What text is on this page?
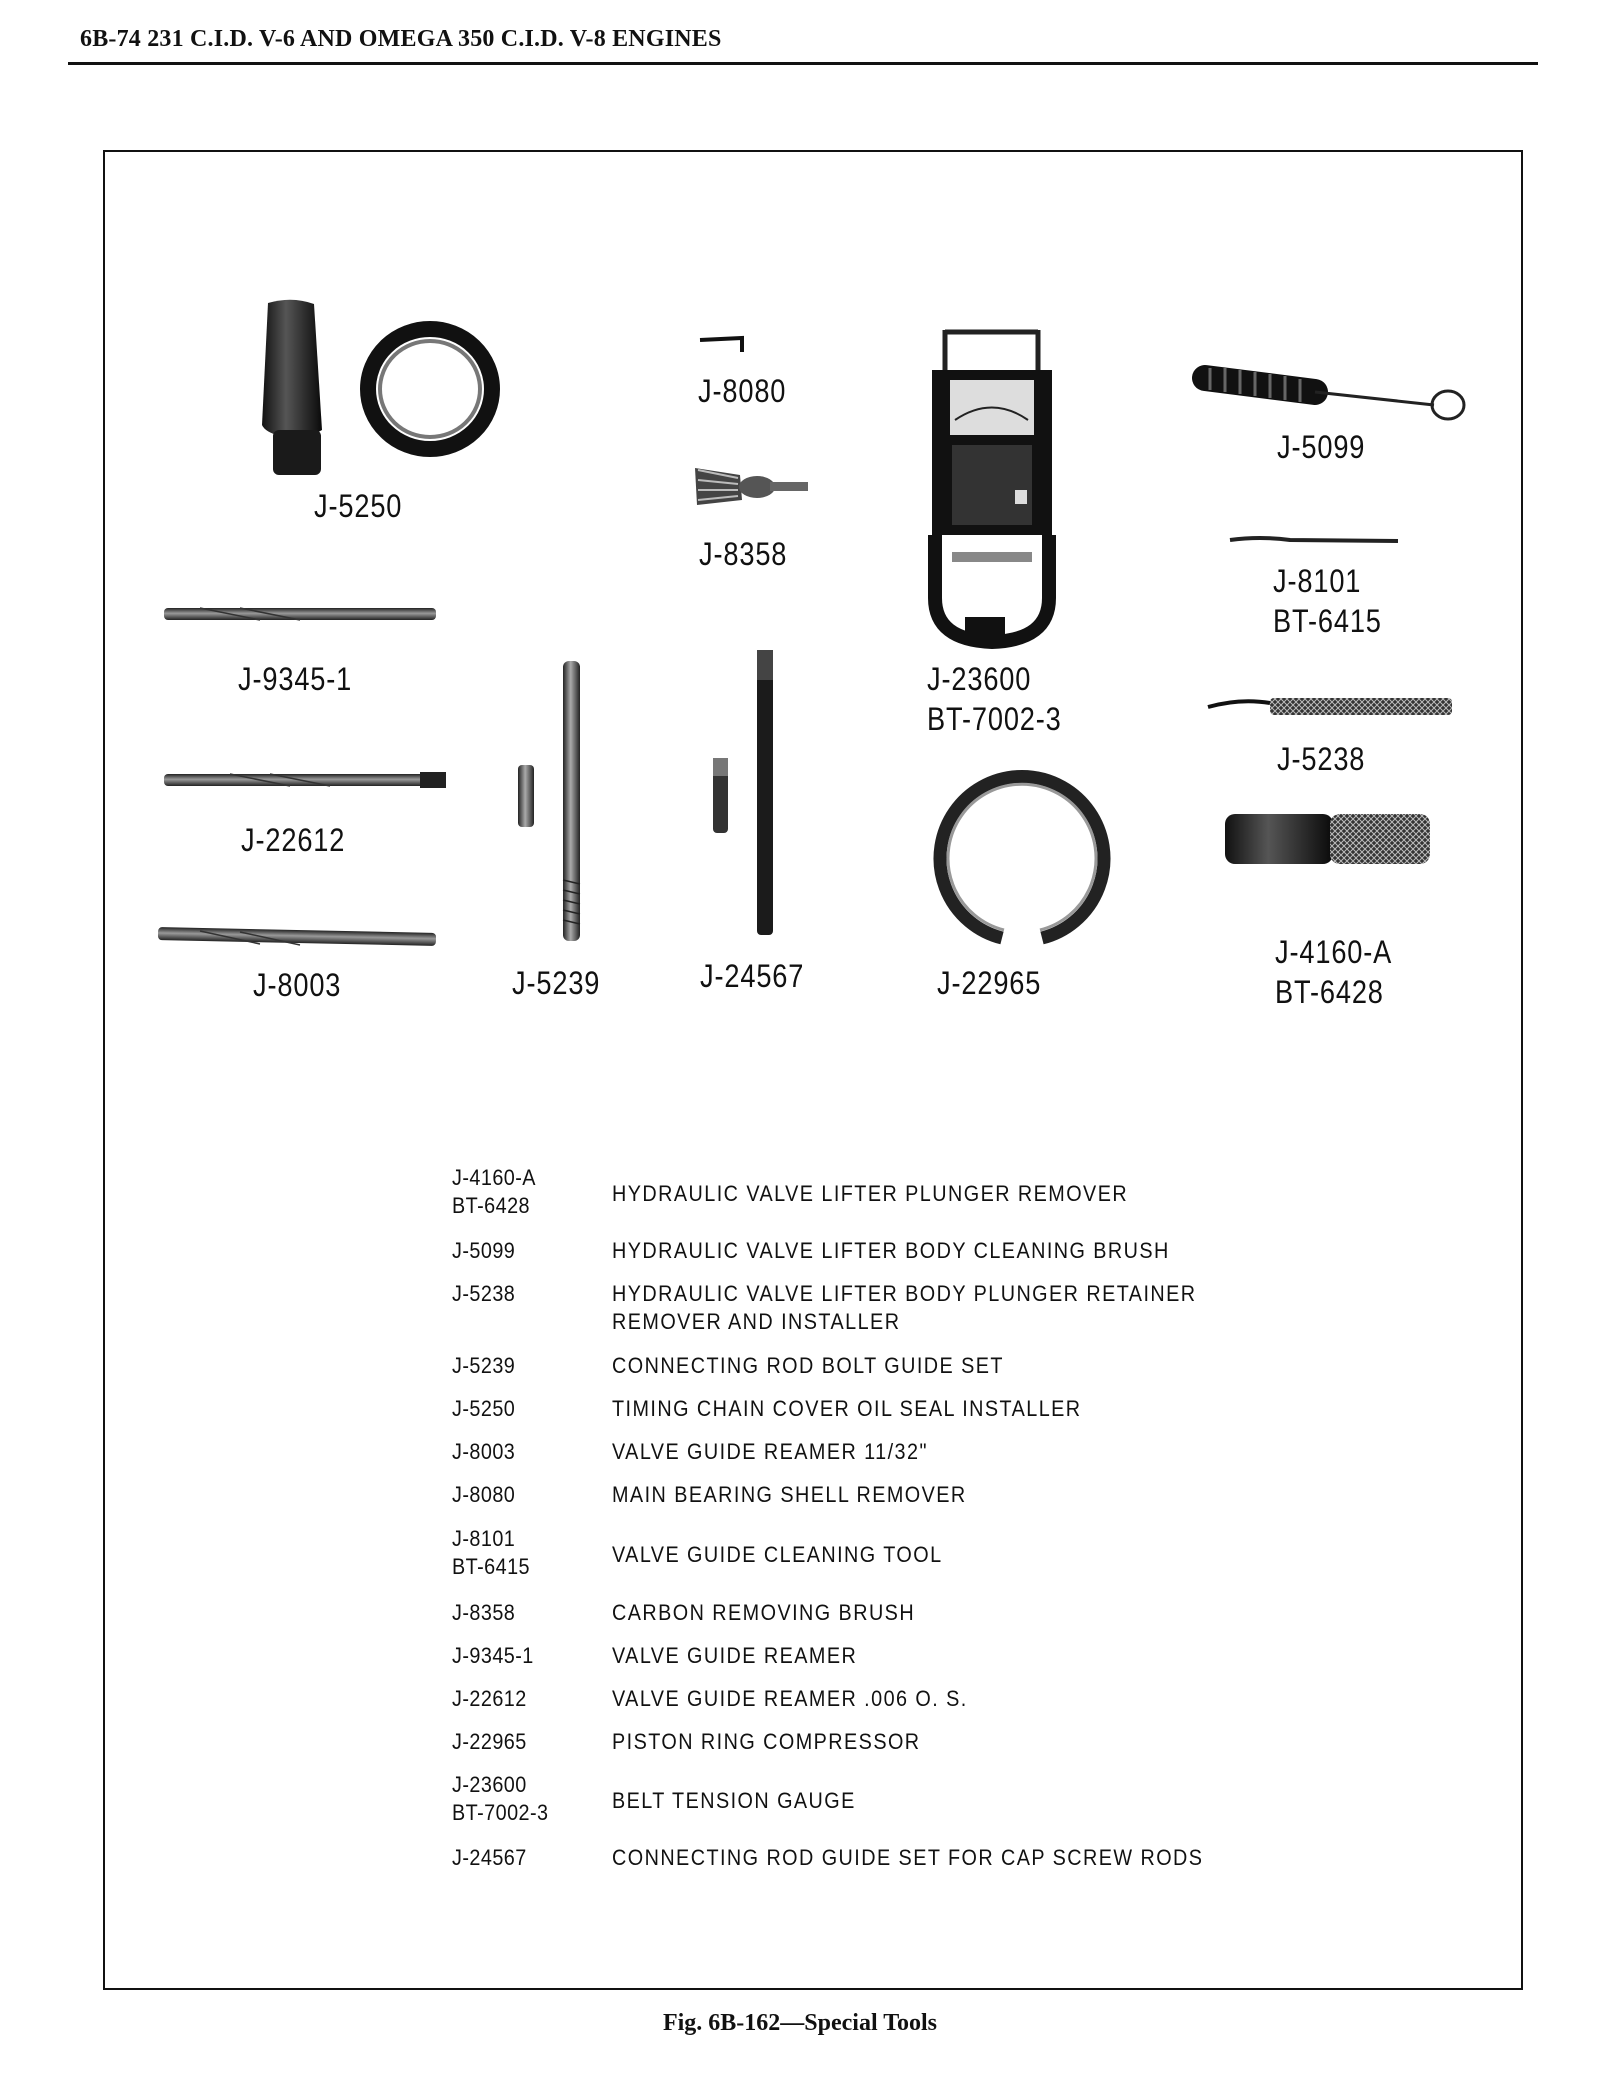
6B-74 231 C.I.D. V-6 AND OMEGA 350 C.I.D. V-8 ENGINES
J-5250
J-8080
J-8358
J-23600
BT-7002-3
J-5099
J-8101
BT-6415
J-9345-1
J-22612
J-8003	J-5239	J-24567	J-22965
J-5238
J-4160-A
BT-6428
J-4160-A
BT-6428	HYDRAULIC VALVE LIFTER PLUNGER REMOVER
J-5099	HYDRAULIC VALVE LIFTER BODY CLEANING BRUSH
J-5238	HYDRAULIC VALVE LIFTER BODY PLUNGER RETAINER
REMOVER AND INSTALLER
J-5239	CONNECTING ROD BOLT GUIDE SET
J-5250	TIMING CHAIN COVER OIL SEAL INSTALLER
J-8003	VALVE GUIDE REAMER 11/32"
J-8080	MAIN BEARING SHELL REMOVER
J-8101
BT-6415	VALVE GUIDE CLEANING TOOL
J-8358	CARBON REMOVING BRUSH
J-9345-1	VALVE GUIDE REAMER
J-22612	VALVE GUIDE REAMER .006 O. S.
J-22965	PISTON RING COMPRESSOR
J-23600
BT-7002-3	BELT TENSION GAUGE
J-24567	CONNECTING ROD GUIDE SET FOR CAP SCREW RODS
Fig. 6B-162—Special Tools
